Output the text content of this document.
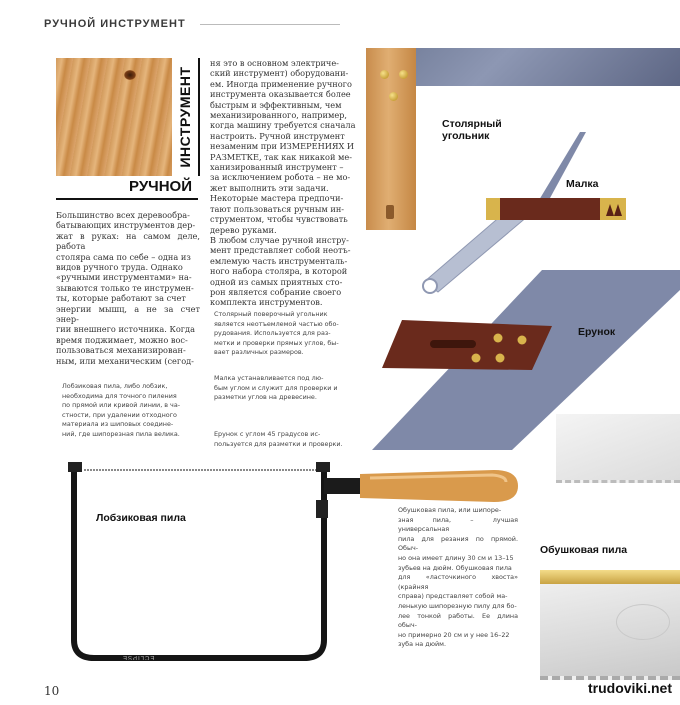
РУЧНОЙ ИНСТРУМЕНТ
ИНСТРУМЕНТ
РУЧНОЙ

Большинство всех деревообра-

батывающих инструментов дер-

жат в руках: на самом деле, работа

столяра сама по себе – одна из

видов ручного труда. Однако

«ручными инструментами» на-

зываются только те инструмен-

ты, которые работают за счет

энергии мышц, а не за счет энер-

гии внешнего источника. Когда

время поджимает, можно вос-

пользоваться механизирован-

ным, или механическим (сегод-

ня это в основном электриче-

ский инструмент) оборудовани-

ем. Иногда применение ручного

инструмента оказывается более

быстрым и эффективным, чем

механизированного, например,

когда машину требуется сначала

настроить. Ручной инструмент

незаменим при ИЗМЕРЕНИЯХ И

РАЗМЕТКЕ, так как никакой ме-

ханизированный инструмент –

за исключением робота – не мо-

жет выполнить эти задачи.

Некоторые мастера предпочи-

тают пользоваться ручным ин-

струментом, чтобы чувствовать

дерево руками.

В любом случае ручной инстру-

мент представляет собой неотъ-

емлемую часть инструменталь-

ного набора столяра, в которой

одной из самых приятных сто-

рон является собрание своего

комплекта инструментов.

Лобзиковая пила, либо лобзик,

необходима для точного пиления

по прямой или кривой линии, в ча-

стности, при удалении отходного

материала из шиповых соедине-

ний, где шипорезная пила велика.

Столярный поверочный угольник

является неотъемлемой частью обо-

рудования. Используется для раз-

метки и проверки прямых углов, бы-

вает различных размеров.

Малка устанавливается под лю-

бым углом и служит для проверки и

разметки углов на древесине.

Ерунок с углом 45 градусов ис-

пользуется для разметки и проверки.

Обушковая пила, или шипоре-

зная пила, – лучшая универсальная

пила для резания по прямой. Обыч-

но она имеет длину 30 см и 13–15

зубьев на дюйм. Обушковая пила

для «ласточкиного хвоста» (крайняя

справа) представляет собой ма-

ленькую шипорезную пилу для бо-

лее тонкой работы. Ее длина обыч-

но примерно 20 см и у нее 16–22

зуба на дюйм.

Столярный
угольник
Малка
Ерунок
ECLIPSE
Лобзиковая пила
Обушковая пила
10	trudoviki.net
